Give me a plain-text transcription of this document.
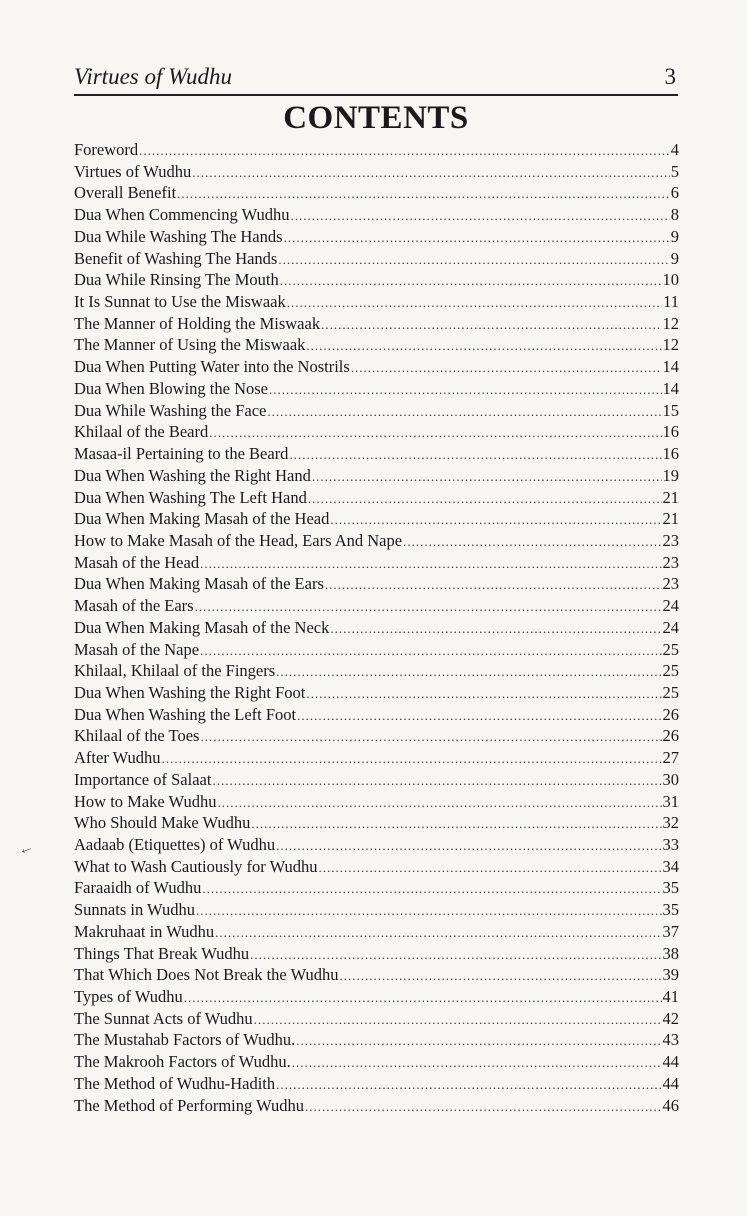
Virtues of Wudhu	3
CONTENTS
Foreword .....	4
Virtues of Wudhu .....	5
Overall Benefit .....	6
Dua When Commencing Wudhu .....	8
Dua While Washing The Hands .....	9
Benefit of Washing The Hands .....	9
Dua While Rinsing The Mouth .....	10
It Is Sunnat to Use the Miswaak .....	11
The Manner of Holding the Miswaak .....	12
The Manner of Using the Miswaak .....	12
Dua When Putting Water into the Nostrils .....	14
Dua When Blowing the Nose .....	14
Dua While Washing the Face .....	15
Khilaal of the Beard .....	16
Masaa-il Pertaining to the Beard .....	16
Dua When Washing the Right Hand .....	19
Dua When Washing The Left Hand .....	21
Dua When Making Masah of the Head .....	21
How to Make Masah of the Head, Ears And Nape .....	23
Masah of the Head .....	23
Dua When Making Masah of the Ears .....	23
Masah of the Ears .....	24
Dua When Making Masah of the Neck .....	24
Masah of the Nape .....	25
Khilaal, Khilaal of the Fingers .....	25
Dua When Washing the Right Foot .....	25
Dua When Washing the Left Foot .....	26
Khilaal of the Toes .....	26
After Wudhu .....	27
Importance of Salaat .....	30
How to Make Wudhu .....	31
Who Should Make Wudhu .....	32
Aadaab (Etiquettes) of Wudhu .....	33
What to Wash Cautiously for Wudhu .....	34
Faraaidh of Wudhu .....	35
Sunnats in Wudhu .....	35
Makruhaat in Wudhu .....	37
Things That Break Wudhu .....	38
That Which Does Not Break the Wudhu .....	39
Types of Wudhu .....	41
The Sunnat Acts of Wudhu .....	42
The Mustahab Factors of Wudhu. .....	43
The Makrooh Factors of Wudhu. .....	44
The Method of Wudhu-Hadith .....	44
The Method of Performing Wudhu .....	46
←
